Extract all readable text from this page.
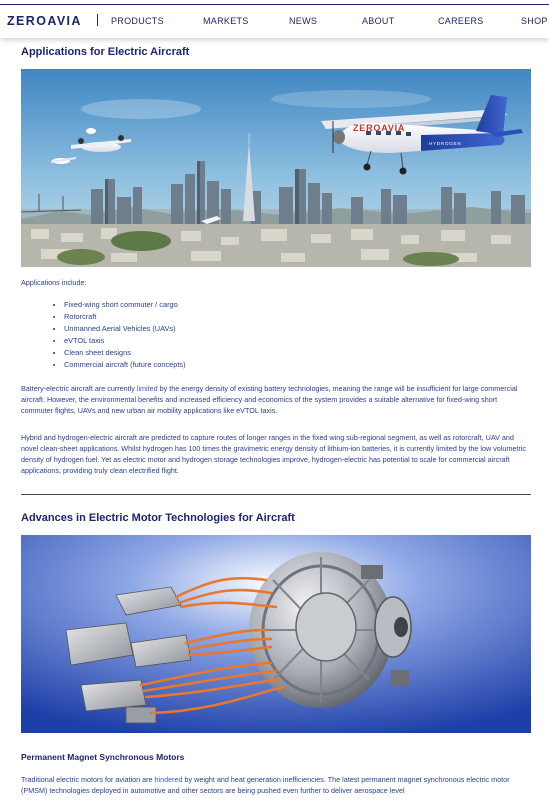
ZEROAVIA	PRODUCTS	MARKETS	NEWS	ABOUT	CAREERS	SHOP
Applications for Electric Aircraft
ZEROAVIA
HYDROGEN
Applications include:
• Fixed-wing short commuter / cargo
• Rotorcraft
• Unmanned Aerial Vehicles (UAVs)
• eVTOL taxis
• Clean sheet designs
• Commercial aircraft (future concepts)
Battery-electric aircraft are currently limited by the energy density of existing battery technologies, meaning the range will be insufficient for large commercial aircraft. However, the environmental benefits and increased efficiency and economics of the system provides a suitable alternative for fixed-wing short commuter flights, UAVs and new urban air mobility applications like eVTOL taxis.
Hybrid and hydrogen-electric aircraft are predicted to capture routes of longer ranges in the fixed wing sub-regional segment, as well as rotorcraft, UAV and novel clean-sheet applications. Whilst hydrogen has 100 times the gravimetric energy density of lithium-ion batteries, it is currently limited by the low volumetric density of hydrogen fuel. Yet as electric motor and hydrogen storage technologies improve, hydrogen-electric has potential to scale for commercial aircraft applications, providing truly clean electrified flight.
Advances in Electric Motor Technologies for Aircraft
Permanent Magnet Synchronous Motors
Traditional electric motors for aviation are hindered by weight and heat generation inefficiencies. The latest permanent magnet synchronous electric motor (PMSM) technologies deployed in automotive and other sectors are being pushed even further to deliver aerospace level
